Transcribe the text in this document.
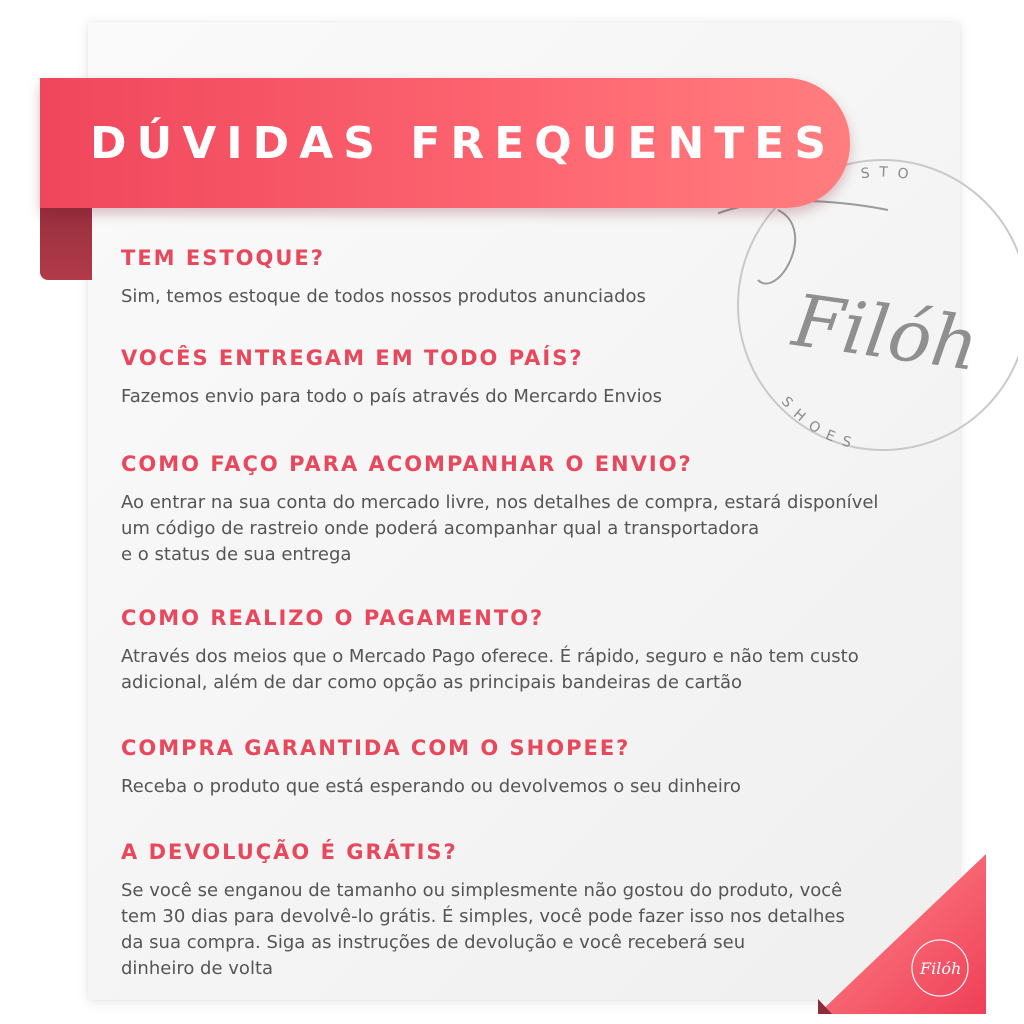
STO
SHOES
Filóh
DÚVIDAS FREQUENTES

TEM ESTOQUE?

Sim, temos estoque de todos nossos produtos anunciados

VOCÊS ENTREGAM EM TODO PAÍS?

Fazemos envio para todo o país através do Mercardo Envios

COMO FAÇO PARA ACOMPANHAR O ENVIO?

Ao entrar na sua conta do mercado livre, nos detalhes de compra, estará disponível
um código de rastreio onde poderá acompanhar qual a transportadora
e o status de sua entrega

COMO REALIZO O PAGAMENTO?

Através dos meios que o Mercado Pago oferece. É rápido, seguro e não tem custo
adicional, além de dar como opção as principais bandeiras de cartão

COMPRA GARANTIDA COM O SHOPEE?

Receba o produto que está esperando ou devolvemos o seu dinheiro

A DEVOLUÇÃO É GRÁTIS?

Se você se enganou de tamanho ou simplesmente não gostou do produto, você
tem 30 dias para devolvê-lo grátis. É simples, você pode fazer isso nos detalhes
da sua compra. Siga as instruções de devolução e você receberá seu
dinheiro de volta	Filóh
